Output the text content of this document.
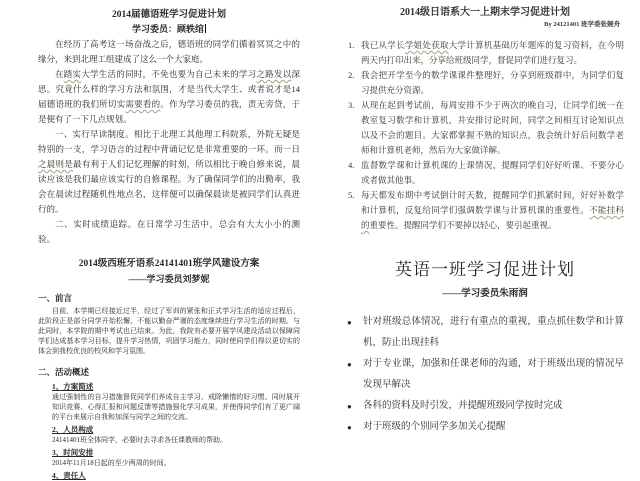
2014届德语班学习促进计划

学习委员：顾轶绾

在经历了高考这一场奋战之后，德语班的同学们循着冥冥之中的缘分，来到北理工组建成了这么一个大家庭。

在踏实大学生活的同时，不免也要为自己未来的学习之路发以深思。究竟什么样的学习方法和氛围，才是当代大学生、或者说才是14届德语班的我们所切实需要看的。作为学习委员的我，责无旁贷，于是便有了一下几点规划。

一、实行早读制度。相比于北理工其他理工科院系，外院无疑是特别的一支，学习语言的过程中背诵记忆是非常重要的一环。而一日之晨则是最有利于人们记忆理解的时刻，所以相比于晚自修来说，晨读应该是我们最应该实行的自修课程。为了确保同学们的出勤率，我会在晨读过程随机性地点名，这样便可以确保晨读是被同学们认真进行的。

二、实时成绩追踪。在日常学习生活中，总会有大大小小的测验。

2014级西班牙语系24141401班学风建设方案

——学习委员刘梦妮

一、前言

目前，本学期已经接近过半，经过了军训的紧张和正式学习生活的适应过程后，此阶段正是部分同学开始松懈，不能以勤奋严谨的态度继续进行学习生活的时期。与此同时，本学院的期中考试也已结束。为此，我院有必要开展学风建设活动以保障同学们达成基本学习目标，提升学习热情，巩固学习能力，同时使同学们得以更切实的体会到我校优良的校风和学习氛围。

二、活动概述

1、方案简述

通过强制性的自习措施督促同学们养成自主学习、戒除懒惰的好习惯。同时展开知识竞赛、心得汇报和问题反馈等措施强化学习成果，并使得同学们有了更广阔的平台来展示自我和加深与同学之间的交流。

2、人员构成

24141401班全体同学，必要时去寻求各任课教师的帮助。

3、时间安排

2014年11月18日起的至少两周的时间。

4、责任人

2014级日语系大一上期末学习促进计划

By 24121401 班学委张婉舟

1. 我已从学长学姐处获取大学计算机基础历年题库的复习资料，在今明两天内打印出来，分享给班级同学，督促同学们进行复习。
2. 我会把开学至今的数学课课件整理好，分享到班级群中，为同学们复习提供充分资源。
3. 从现在起到考试前，每周安排不少于两次的晚自习，让同学们统一在教室复习数学和计算机，并安排讨论时间，同学之间相互讨论知识点以及不会的题目。大家都掌握不熟的知识点，我会统计好后问数学老师和计算机老师，然后为大家做详解。
4. 监督数学课和计算机课的上课情况，提醒同学们好好听课、不要分心或者做其他事。
5. 每天都发布期中考试倒计时天数，提醒同学们抓紧时间，好好补数学和计算机，反复给同学们强调数学课与计算机课的重要性。不能挂科的重要性。提醒同学们不要掉以轻心，要引起重视。

英语一班学习促进计划

——学习委员朱雨润

● 针对班级总体情况，进行有重点的重视，重点抓住数学和计算机，防止出现挂科
● 对于专业课，加强和任课老师的沟通，对于班级出现的情况早发现早解决
● 各科的资料及时引发，并提醒班级同学按时完成
● 对于班级的个别同学多加关心提醒
